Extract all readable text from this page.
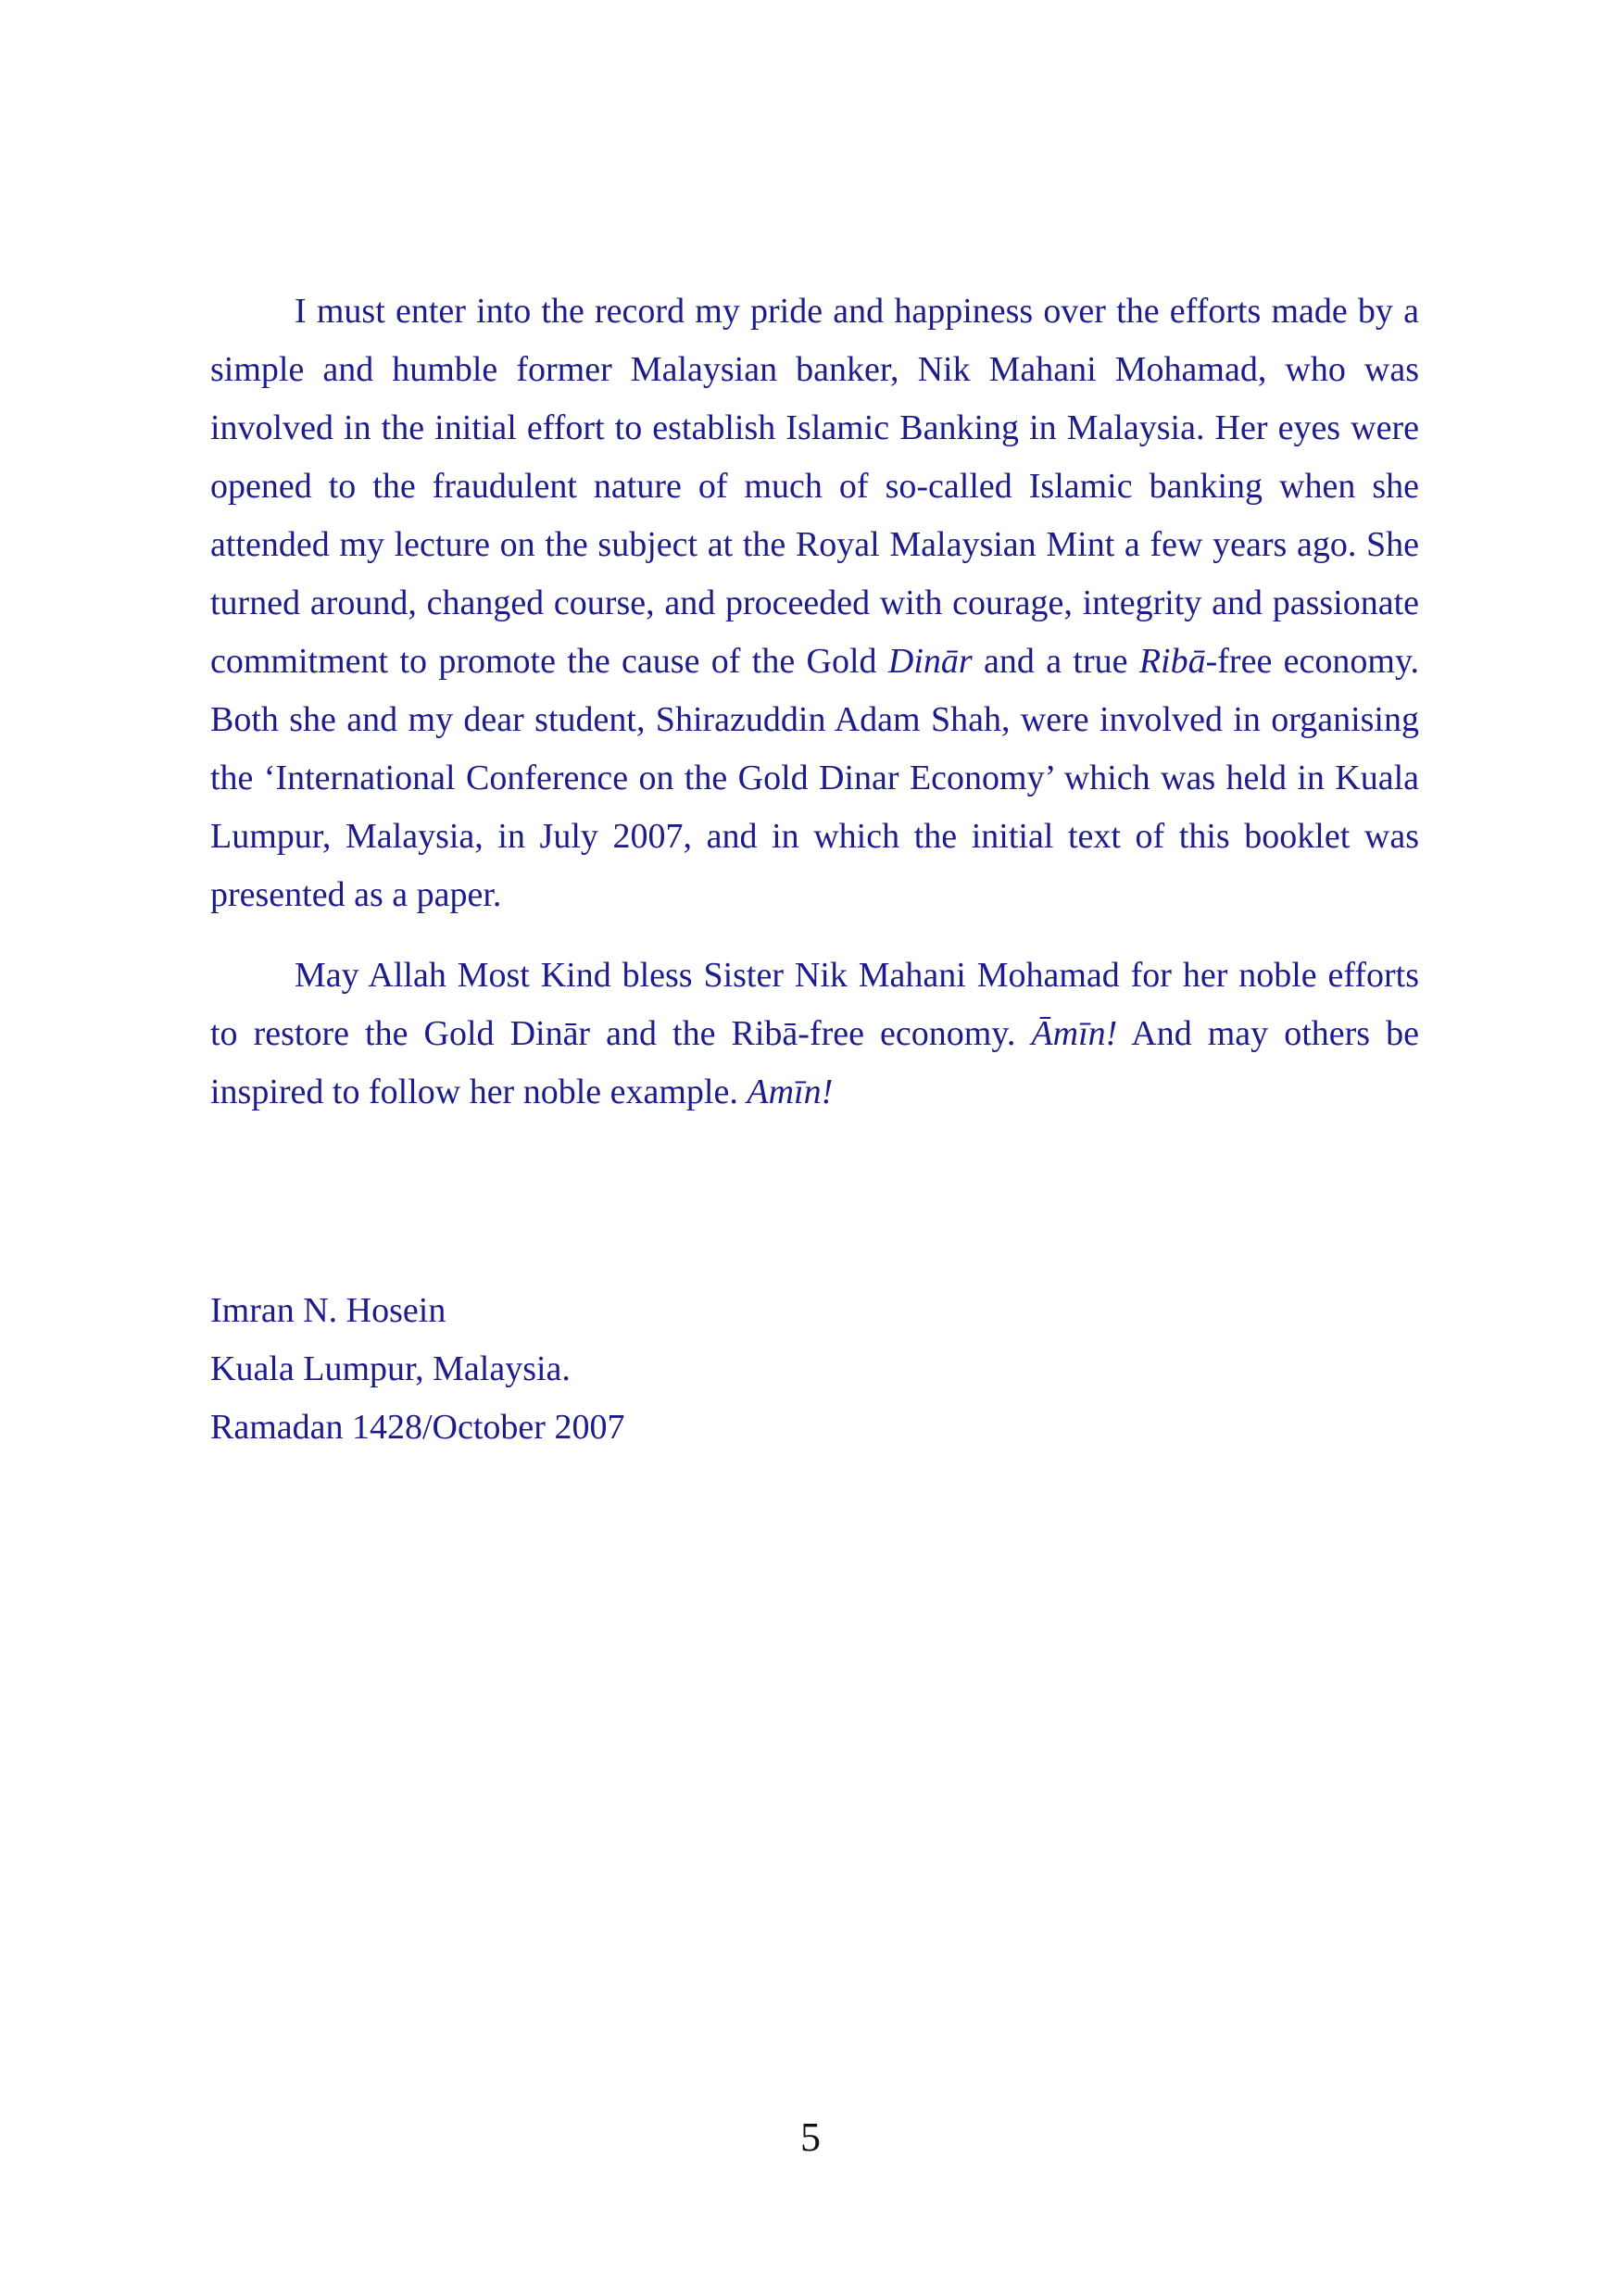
I must enter into the record my pride and happiness over the efforts made by a simple and humble former Malaysian banker, Nik Mahani Mohamad, who was involved in the initial effort to establish Islamic Banking in Malaysia. Her eyes were opened to the fraudulent nature of much of so-called Islamic banking when she attended my lecture on the subject at the Royal Malaysian Mint a few years ago. She turned around, changed course, and proceeded with courage, integrity and passionate commitment to promote the cause of the Gold Dinār and a true Ribā-free economy. Both she and my dear student, Shirazuddin Adam Shah, were involved in organising the ‘International Conference on the Gold Dinar Economy’ which was held in Kuala Lumpur, Malaysia, in July 2007, and in which the initial text of this booklet was presented as a paper.

May Allah Most Kind bless Sister Nik Mahani Mohamad for her noble efforts to restore the Gold Dinār and the Ribā-free economy. Āmīn! And may others be inspired to follow her noble example. Amīn!

Imran N. Hosein
Kuala Lumpur, Malaysia.
Ramadan 1428/October 2007
5
